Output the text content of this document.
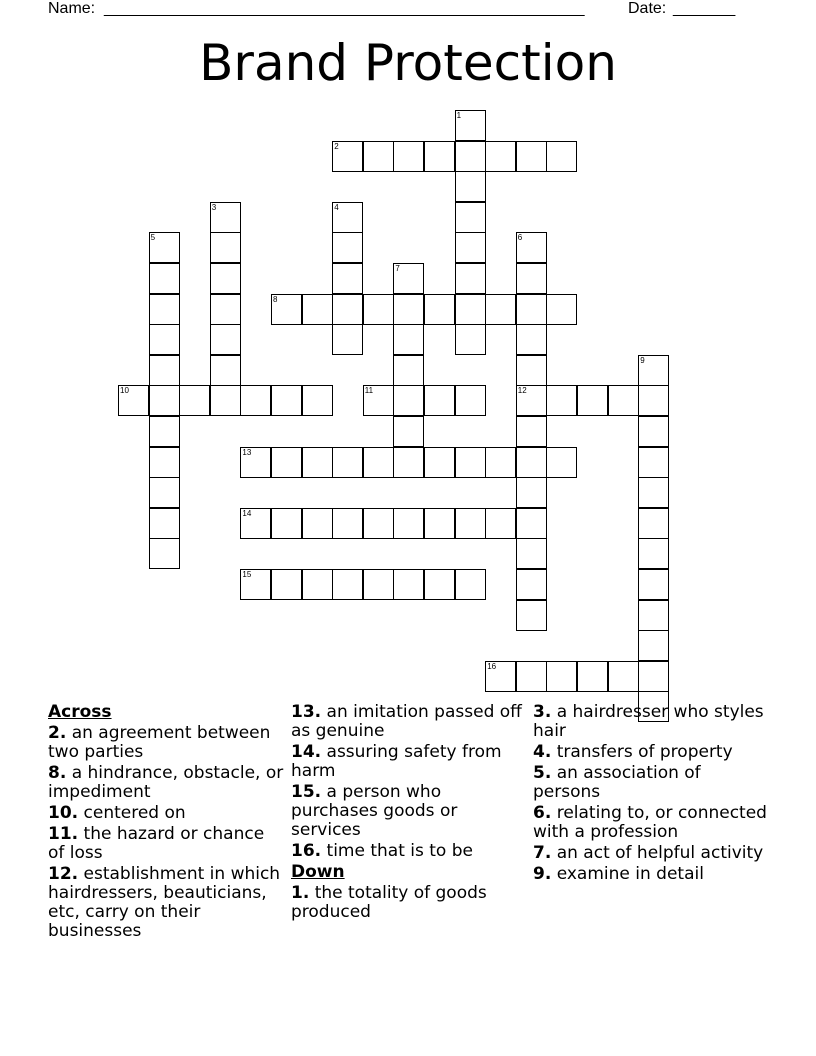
Name: ______________________________________________________	Date: _______
Brand Protection
1
2
3	4
5	6
12
7
8
9
10	11
13
14
15
16
Across
2. an agreement between two parties
8. a hindrance, obstacle, or impediment
10. centered on
11. the hazard or chance of loss
12. establishment in which hairdressers, beauticians, etc, carry on their businesses
13. an imitation passed off as genuine
14. assuring safety from harm
15. a person who purchases goods or services
16. time that is to be
Down
1. the totality of goods produced
3. a hairdresser who styles hair
4. transfers of property
5. an association of persons
6. relating to, or connected with a profession
7. an act of helpful activity
9. examine in detail
